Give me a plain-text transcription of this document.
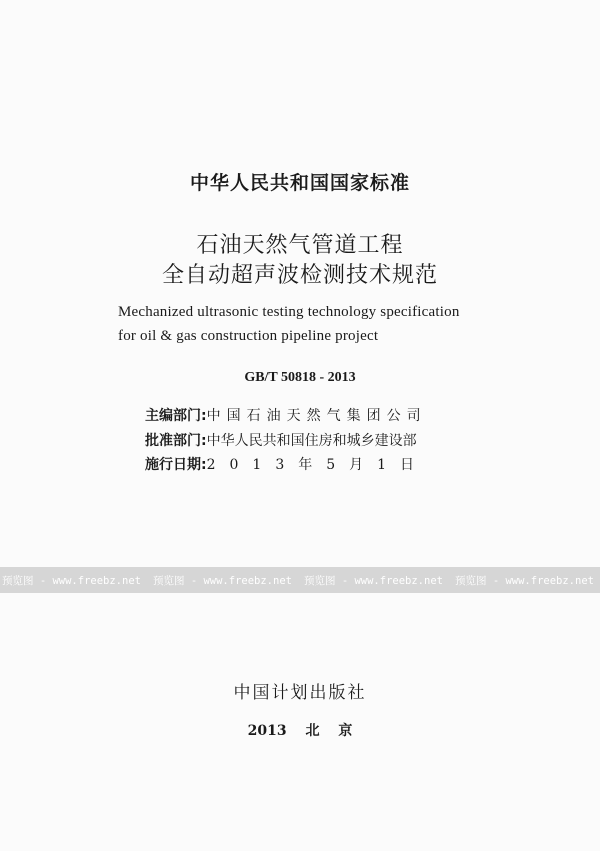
中华人民共和国国家标准
石油天然气管道工程
全自动超声波检测技术规范
Mechanized ultrasonic testing technology specification
for oil & gas construction pipeline project
GB/T 50818 - 2013
主编部门:中国石油天然气集团公司
批准部门:中华人民共和国住房和城乡建设部
施行日期:2013年5月1日
预览图 - www.freebz.net 预览图 - www.freebz.net 预览图 - www.freebz.net 预览图 - www.freebz.net
中国计划出版社
2013 北 京
